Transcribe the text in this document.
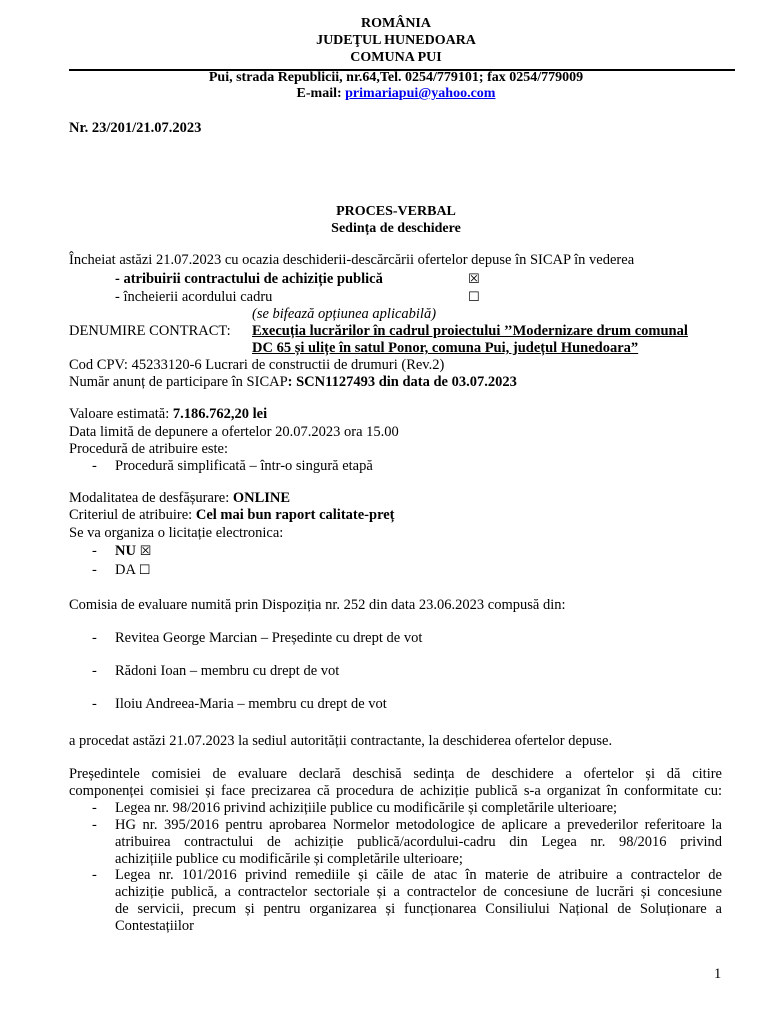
ROMÂNIA
JUDEŢUL HUNEDOARA
COMUNA PUI
Pui, strada Republicii, nr.64,Tel. 0254/779101; fax 0254/779009
E-mail: primariapui@yahoo.com
Nr. 23/201/21.07.2023
PROCES-VERBAL
Sedința de deschidere
Încheiat astăzi 21.07.2023 cu ocazia deschiderii-descărcării ofertelor depuse în SICAP în vederea
- atribuirii contractului de achiziție publică	☒
- încheierii acordului cadru	☐
(se bifează opțiunea aplicabilă)
DENUMIRE CONTRACT: Execuția lucrărilor în cadrul proiectului ’’Modernizare drum comunal
DC 65 și ulițe în satul Ponor, comuna Pui, județul Hunedoara”
Cod CPV: 45233120-6 Lucrari de constructii de drumuri (Rev.2)
Număr anunț de participare în SICAP: SCN1127493 din data de 03.07.2023
Valoare estimată: 7.186.762,20 lei
Data limită de depunere a ofertelor 20.07.2023 ora 15.00
Procedură de atribuire este:
- Procedură simplificată – într-o singură etapă
Modalitatea de desfășurare: ONLINE
Criteriul de atribuire: Cel mai bun raport calitate-preț
Se va organiza o licitație electronica:
- NU ☒
- DA ☐
Comisia de evaluare numită prin Dispoziția nr. 252 din data 23.06.2023 compusă din:
- Revitea George Marcian – Președinte cu drept de vot
- Rădoni Ioan – membru cu drept de vot
- Iloiu Andreea-Maria – membru cu drept de vot
a procedat astăzi 21.07.2023 la sediul autorității contractante, la deschiderea ofertelor depuse.
Președintele comisiei de evaluare declară deschisă sedința de deschidere a ofertelor și dă citire
componenței comisiei și face precizarea că procedura de achiziție publică s-a organizat în conformitate cu:
- Legea nr. 98/2016 privind achizițiile publice cu modificările și completările ulterioare;
- HG nr. 395/2016 pentru aprobarea Normelor metodologice de aplicare a prevederilor referitoare la
atribuirea contractului de achiziție publică/acordului-cadru din Legea nr. 98/2016 privind
achizițiile publice cu modificările și completările ulterioare;
- Legea nr. 101/2016 privind remediile și căile de atac în materie de atribuire a contractelor de
achiziție publică, a contractelor sectoriale și a contractelor de concesiune de lucrări și concesiune
de servicii, precum și pentru organizarea și funcționarea Consiliului Național de Soluționare a
Contestațiilor
1
